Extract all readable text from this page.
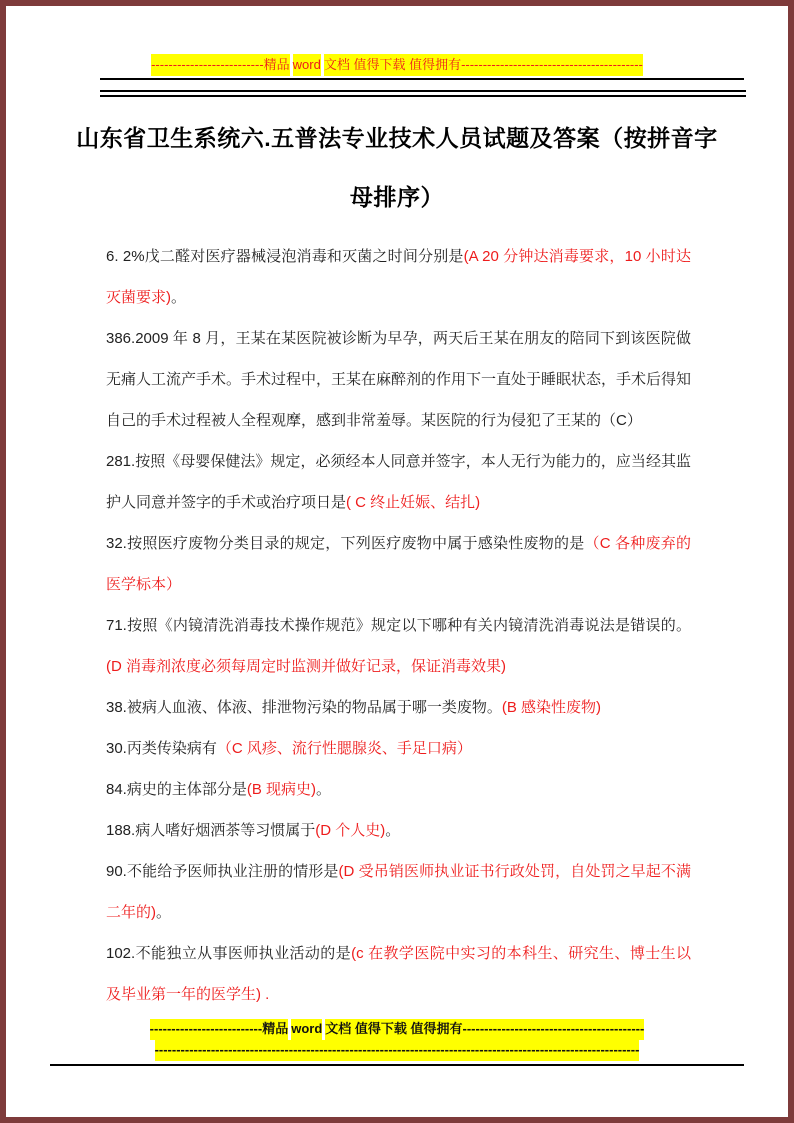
--------------------------精品 word 文档 值得下载 值得拥有------------------------------------------
山东省卫生系统六.五普法专业技术人员试题及答案（按拼音字母排序）

6. 2%戊二醛对医疗器械浸泡消毒和灭菌之时间分别是(A 20 分钟达消毒要求，10 小时达灭菌要求)。

386.2009 年 8 月，王某在某医院被诊断为早孕，两天后王某在朋友的陪同下到该医院做无痛人工流产手术。手术过程中，王某在麻醉剂的作用下一直处于睡眠状态，手术后得知自己的手术过程被人全程观摩，感到非常羞辱。某医院的行为侵犯了王某的（C）

281.按照《母婴保健法》规定，必须经本人同意并签字，本人无行为能力的，应当经其监护人同意并签字的手术或治疗项日是( C 终止妊娠、结扎)

32.按照医疗废物分类目录的规定，下列医疗废物中属于感染性废物的是（C 各种废弃的医学标本）

71.按照《内镜清洗消毒技术操作规范》规定以下哪种有关内镜清洗消毒说法是错误的。(D 消毒剂浓度必须每周定时监测并做好记录，保证消毒效果)

38.被病人血液、体液、排泄物污染的物品属于哪一类废物。(B 感染性废物)

30.丙类传染病有（C 风疹、流行性腮腺炎、手足口病）

84.病史的主体部分是(B 现病史)。

188.病人嗜好烟洒茶等习惯属于(D 个人史)。

90.不能给予医师执业注册的情形是(D 受吊销医师执业证书行政处罚，自处罚之早起不满二年的)。

102.不能独立从事医师执业活动的是(c 在教学医院中实习的本科生、研究生、博士生以及毕业第一年的医学生) .

--------------------------精品 word 文档 值得下载 值得拥有------------------------------------------
----------------------------------------------------------------------------------------------------------------
